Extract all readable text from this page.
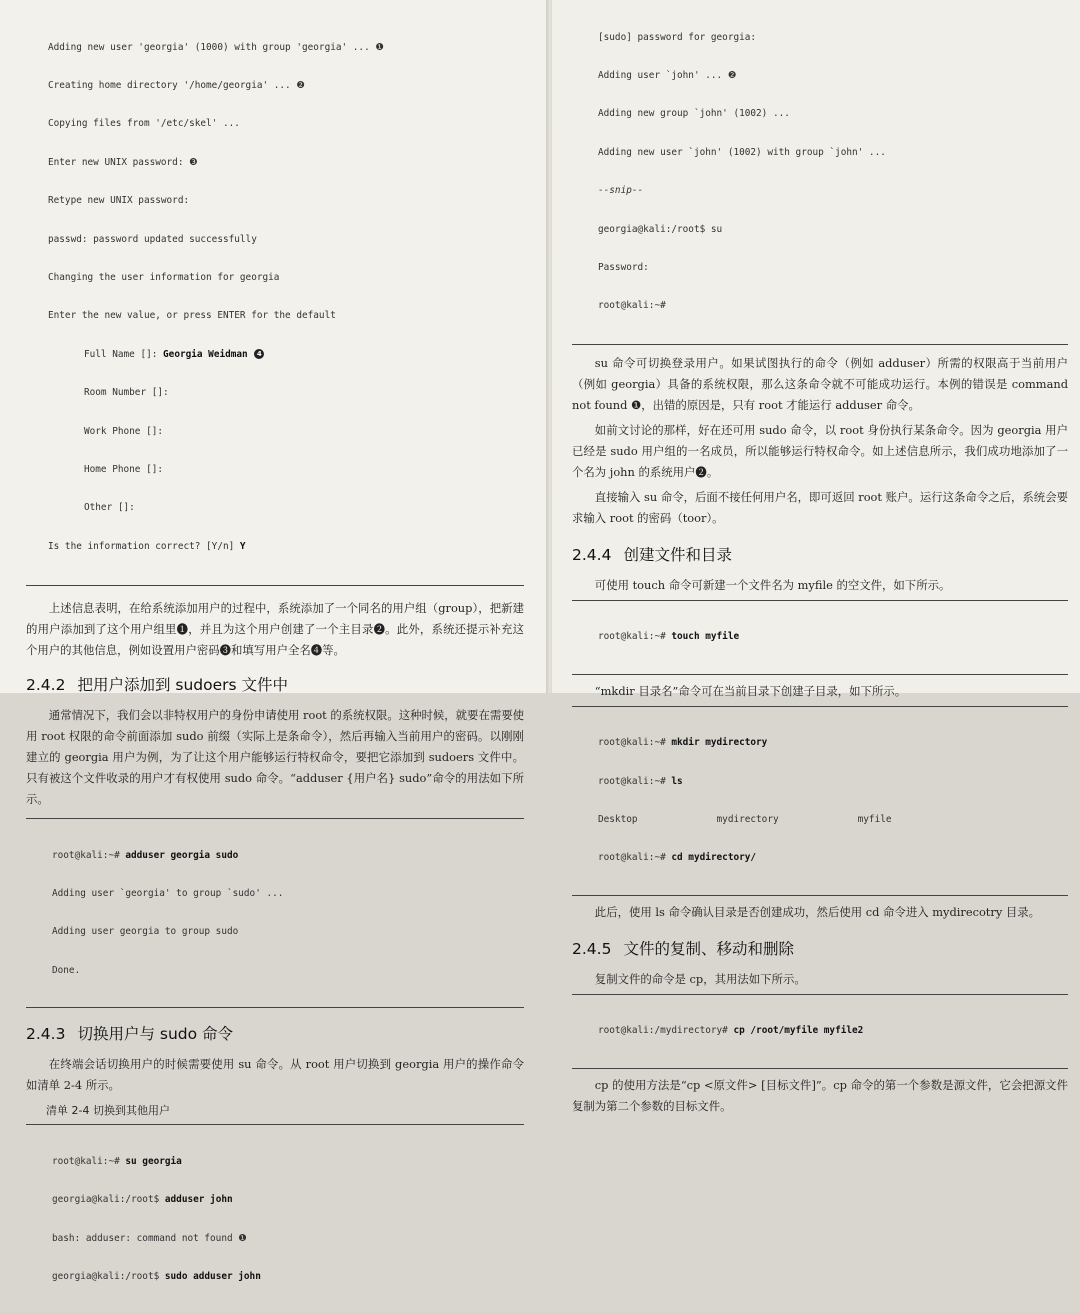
Adding new user 'georgia' (1000) with group 'georgia' ... ❶

Creating home directory '/home/georgia' ... ❷

Copying files from '/etc/skel' ...

Enter new UNIX password: ❸

Retype new UNIX password:

passwd: password updated successfully

Changing the user information for georgia

Enter the new value, or press ENTER for the default

Full Name []: Georgia Weidman 4

Room Number []:

Work Phone []:

Home Phone []:

Other []:

Is the information correct? [Y/n] Y

上述信息表明，在给系统添加用户的过程中，系统添加了一个同名的用户组（group），把新建的用户添加到了这个用户组里❶，并且为这个用户创建了一个主目录❷。此外，系统还提示补充这个用户的其他信息，例如设置用户密码❸和填写用户全名❹等。

2.4.2 把用户添加到 sudoers 文件中

通常情况下，我们会以非特权用户的身份申请使用 root 的系统权限。这种时候，就要在需要使用 root 权限的命令前面添加 sudo 前缀（实际上是条命令），然后再输入当前用户的密码。以刚刚建立的 georgia 用户为例，为了让这个用户能够运行特权命令，要把它添加到 sudoers 文件中。只有被这个文件收录的用户才有权使用 sudo 命令。“adduser {用户名} sudo”命令的用法如下所示。

root@kali:~# adduser georgia sudo

Adding user `georgia' to group `sudo' ...

Adding user georgia to group sudo

Done.

2.4.3 切换用户与 sudo 命令

在终端会话切换用户的时候需要使用 su 命令。从 root 用户切换到 georgia 用户的操作命令如清单 2-4 所示。

清单 2-4 切换到其他用户

root@kali:~# su georgia

georgia@kali:/root$ adduser john

bash: adduser: command not found ❶

georgia@kali:/root$ sudo adduser john

[sudo] password for georgia:

Adding user `john' ... ❷

Adding new group `john' (1002) ...

Adding new user `john' (1002) with group `john' ...

--snip--

georgia@kali:/root$ su

Password:

root@kali:~#

su 命令可切换登录用户。如果试图执行的命令（例如 adduser）所需的权限高于当前用户（例如 georgia）具备的系统权限，那么这条命令就不可能成功运行。本例的错误是 command not found ❶，出错的原因是，只有 root 才能运行 adduser 命令。

如前文讨论的那样，好在还可用 sudo 命令，以 root 身份执行某条命令。因为 georgia 用户已经是 sudo 用户组的一名成员，所以能够运行特权命令。如上述信息所示，我们成功地添加了一个名为 john 的系统用户❷。

直接输入 su 命令，后面不接任何用户名，即可返回 root 账户。运行这条命令之后，系统会要求输入 root 的密码（toor）。

2.4.4 创建文件和目录

可使用 touch 命令可新建一个文件名为 myfile 的空文件，如下所示。

root@kali:~# touch myfile

“mkdir 目录名”命令可在当前目录下创建子目录，如下所示。

root@kali:~# mkdir mydirectory

root@kali:~# ls

Desktop              mydirectory              myfile

root@kali:~# cd mydirectory/

此后，使用 ls 命令确认目录是否创建成功，然后使用 cd 命令进入 mydirecotry 目录。

2.4.5 文件的复制、移动和删除

复制文件的命令是 cp，其用法如下所示。

root@kali:/mydirectory# cp /root/myfile myfile2

cp 的使用方法是“cp <原文件> [目标文件]”。cp 命令的第一个参数是源文件，它会把源文件复制为第二个参数的目标文件。
